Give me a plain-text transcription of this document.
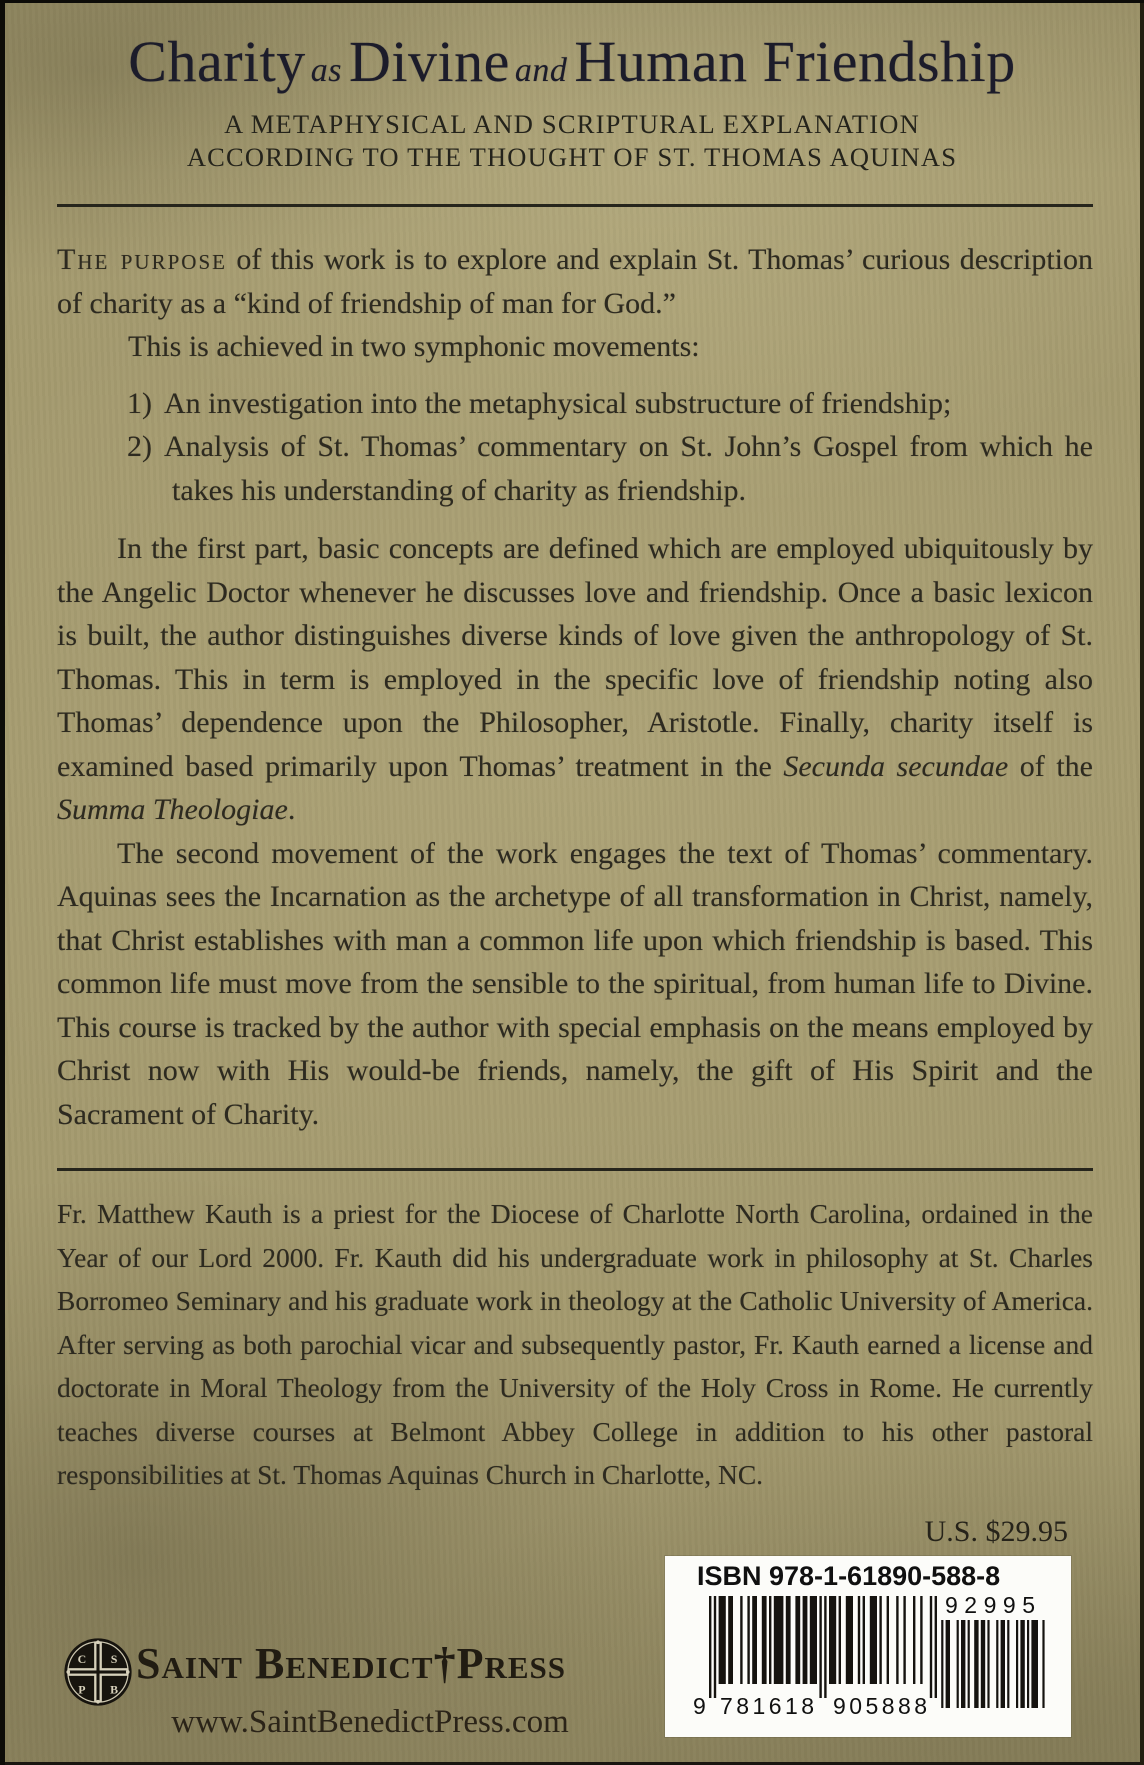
Charity as Divine and Human Friendship
A METAPHYSICAL AND SCRIPTURAL EXPLANATION
ACCORDING TO THE THOUGHT OF ST. THOMAS AQUINAS

The purpose of this work is to explore and explain St. Thomas’ curious description of charity as a “kind of friendship of man for God.”

This is achieved in two symphonic movements:

1) An investigation into the metaphysical substructure of friendship;
2) Analysis of St. Thomas’ commentary on St. John’s Gospel from which he takes his understanding of charity as friendship.

In the first part, basic concepts are defined which are employed ubiquitously by the Angelic Doctor whenever he discusses love and friendship. Once a basic lexicon is built, the author distinguishes diverse kinds of love given the anthropology of St. Thomas. This in term is employed in the specific love of friendship noting also Thomas’ dependence upon the Philosopher, Aristotle. Finally, charity itself is examined based primarily upon Thomas’ treatment in the Secunda secundae of the Summa Theologiae.

The second movement of the work engages the text of Thomas’ commentary. Aquinas sees the Incarnation as the archetype of all transformation in Christ, namely, that Christ establishes with man a common life upon which friendship is based. This common life must move from the sensible to the spiritual, from human life to Divine. This course is tracked by the author with special emphasis on the means employed by Christ now with His would-be friends, namely, the gift of His Spirit and the Sacrament of Charity.

Fr. Matthew Kauth is a priest for the Diocese of Charlotte North Carolina, ordained in the Year of our Lord 2000. Fr. Kauth did his undergraduate work in philosophy at St. Charles Borromeo Seminary and his graduate work in theology at the Catholic University of America. After serving as both parochial vicar and subsequently pastor, Fr. Kauth earned a license and doctorate in Moral Theology from the University of the Holy Cross in Rome. He currently teaches diverse courses at Belmont Abbey College in addition to his other pastoral responsibilities at St. Thomas Aquinas Church in Charlotte, NC.

U.S. $29.95
C S
P B
Saint Benedict†Press
www.SaintBenedictPress.com
ISBN 978-1-61890-588-8
9 781618 905888
92995
